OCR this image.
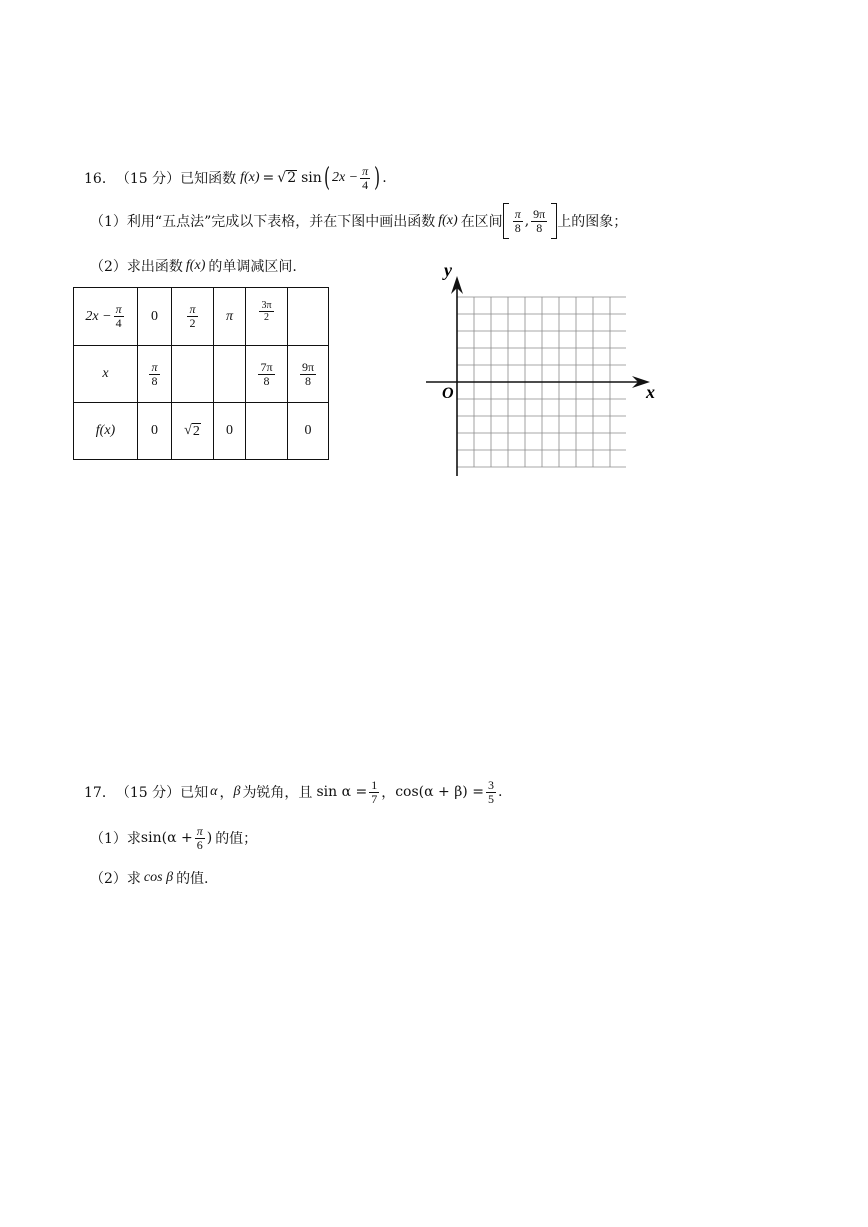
16． （15 分） 已知函数 f(x) = √ 2 sin ( $2x - \frac{\pi}{4}$ ) .
（1） 利用“五点法”完成以下表格，并在下图中画出函数 f(x) 在区间 $\frac{\pi}{8}$ , $\frac{9\pi}{8}$ 上的图象；
（2） 求出函数 f(x) 的单调减区间.
$2x - \frac{\pi}{4}$	0	$\frac{\pi}{2}$	π	$\frac{3\pi}{2}$

x	$\frac{\pi}{8}$			$\frac{7\pi}{8}$	$\frac{9\pi}{8}$

f(x)	0	√ 2	0		0
y
x
O
17． （15 分） 已知 α ， β 为锐角，且 $\sin \alpha = \frac{1}{7}$ ， $\cos(\alpha + \beta) = \frac{3}{5}$ .
（1） 求 $\sin(\alpha + \frac{\pi}{6}$ ) 的值；
（2） 求 cos β 的值.
